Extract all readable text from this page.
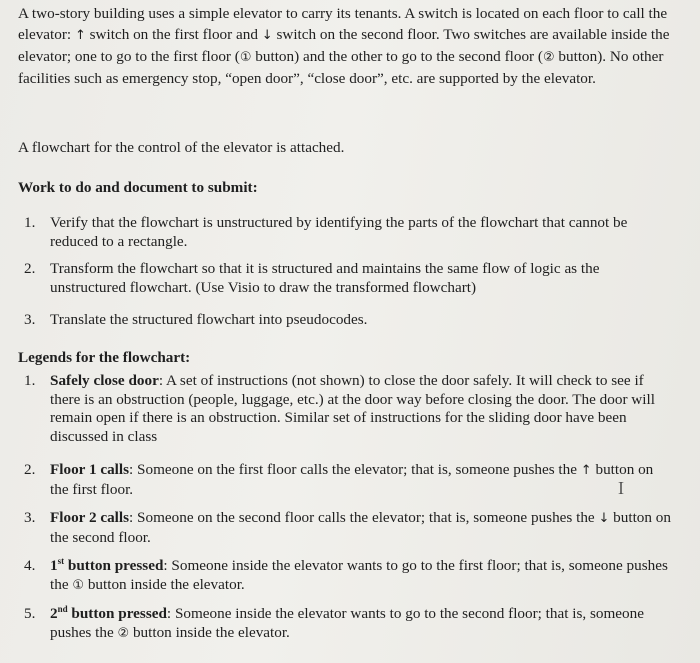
A two-story building uses a simple elevator to carry its tenants. A switch is located on each floor to call the elevator: ↑ switch on the first floor and ↓ switch on the second floor. Two switches are available inside the elevator; one to go to the first floor (① button) and the other to go to the second floor (② button). No other facilities such as emergency stop, “open door”, “close door”, etc. are supported by the elevator.
A flowchart for the control of the elevator is attached.
Work to do and document to submit:
1. Verify that the flowchart is unstructured by identifying the parts of the flowchart that cannot be reduced to a rectangle.
2. Transform the flowchart so that it is structured and maintains the same flow of logic as the unstructured flowchart. (Use Visio to draw the transformed flowchart)
3. Translate the structured flowchart into pseudocodes.
Legends for the flowchart:
1. Safely close door: A set of instructions (not shown) to close the door safely. It will check to see if there is an obstruction (people, luggage, etc.) at the door way before closing the door. The door will remain open if there is an obstruction. Similar set of instructions for the sliding door have been discussed in class
2. Floor 1 calls: Someone on the first floor calls the elevator; that is, someone pushes the ↑ button on the first floor.
3. Floor 2 calls: Someone on the second floor calls the elevator; that is, someone pushes the ↓ button on the second floor.
4. 1st button pressed: Someone inside the elevator wants to go to the first floor; that is, someone pushes the ① button inside the elevator.
5. 2nd button pressed: Someone inside the elevator wants to go to the second floor; that is, someone pushes the ② button inside the elevator.
Ｉ
